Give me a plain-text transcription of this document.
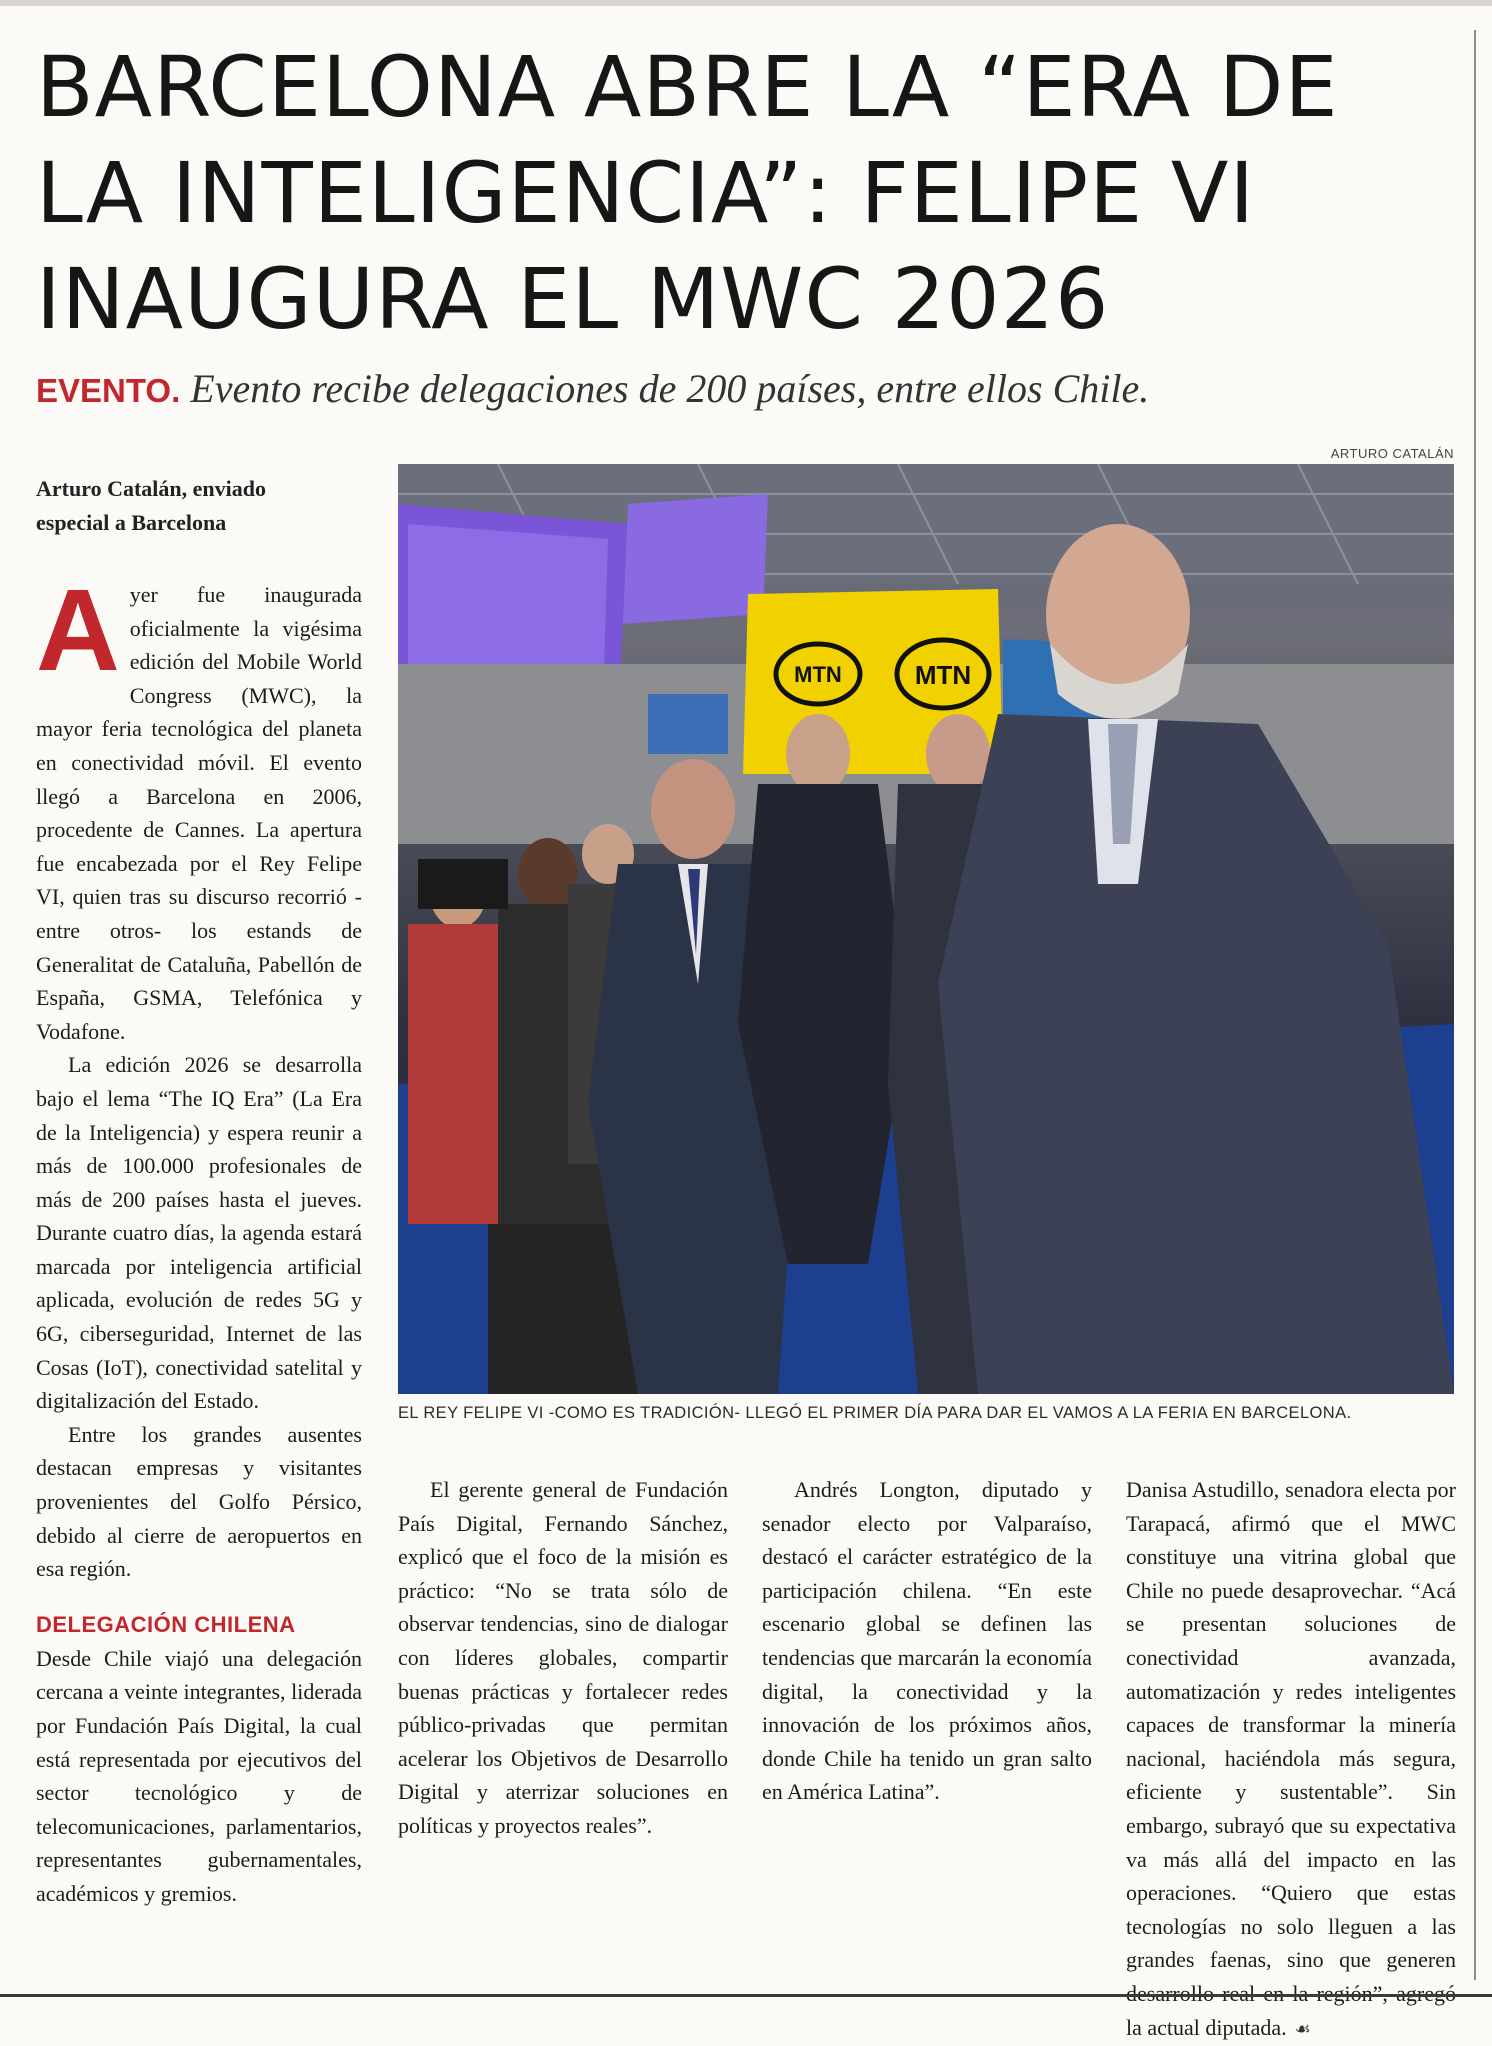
BARCELONA ABRE LA “ERA DE
LA INTELIGENCIA”: FELIPE VI
INAUGURA EL MWC 2026
EVENTO. Evento recibe delegaciones de 200 países, entre ellos Chile.
Arturo Catalán, enviado
especial a Barcelona
ARTURO CATALÁN
MTN	MTN
EL REY FELIPE VI -COMO ES TRADICIÓN- LLEGÓ EL PRIMER DÍA PARA DAR EL VAMOS A LA FERIA EN BARCELONA.

Ayer fue inaugurada oficialmente la vigésima edición del Mobile World Congress (MWC), la mayor feria tecnológica del planeta en conectividad móvil. El evento llegó a Barcelona en 2006, procedente de Cannes. La apertura fue encabezada por el Rey Felipe VI, quien tras su discurso recorrió -entre otros- los estands de Generalitat de Cataluña, Pabellón de España, GSMA, Telefónica y Vodafone.

La edición 2026 se desarrolla bajo el lema “The IQ Era” (La Era de la Inteligencia) y espera reunir a más de 100.000 profesionales de más de 200 países hasta el jueves. Durante cuatro días, la agenda estará marcada por inteligencia artificial aplicada, evolución de redes 5G y 6G, ciberseguridad, Internet de las Cosas (IoT), conectividad satelital y digitalización del Estado.

Entre los grandes ausentes destacan empresas y visitantes provenientes del Golfo Pérsico, debido al cierre de aeropuertos en esa región.

DELEGACIÓN CHILENA

Desde Chile viajó una delegación cercana a veinte integrantes, liderada por Fundación País Digital, la cual está representada por ejecutivos del sector tecnológico y de telecomunicaciones, parlamentarios, representantes gubernamentales, académicos y gremios.

El gerente general de Fundación País Digital, Fernando Sánchez, explicó que el foco de la misión es práctico: “No se trata sólo de observar tendencias, sino de dialogar con líderes globales, compartir buenas prácticas y fortalecer redes público-privadas que permitan acelerar los Objetivos de Desarrollo Digital y aterrizar soluciones en políticas y proyectos reales”.

Andrés Longton, diputado y senador electo por Valparaíso, destacó el carácter estratégico de la participación chilena. “En este escenario global se definen las tendencias que marcarán la economía digital, la conectividad y la innovación de los próximos años, donde Chile ha tenido un gran salto en América Latina”.

Danisa Astudillo, senadora electa por Tarapacá, afirmó que el MWC constituye una vitrina global que Chile no puede desaprovechar. “Acá se presentan soluciones de conectividad avanzada, automatización y redes inteligentes capaces de transformar la minería nacional, haciéndola más segura, eficiente y sustentable”. Sin embargo, subrayó que su expectativa va más allá del impacto en las operaciones. “Quiero que estas tecnologías no solo lleguen a las grandes faenas, sino que generen la actual diputada. ☙
